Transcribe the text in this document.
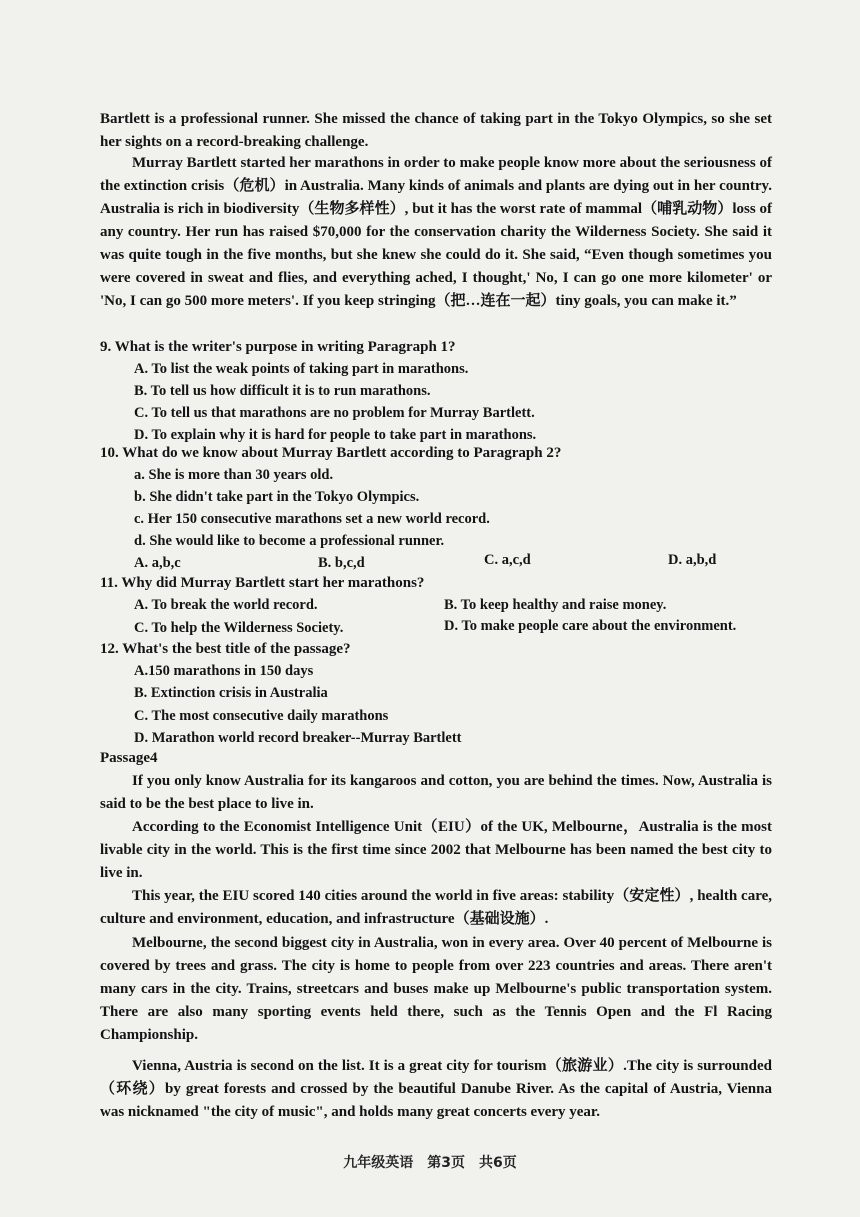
Bartlett is a professional runner. She missed the chance of taking part in the Tokyo Olympics, so she set her sights on a record-breaking challenge.

Murray Bartlett started her marathons in order to make people know more about the seriousness of the extinction crisis（危机）in Australia. Many kinds of animals and plants are dying out in her country. Australia is rich in biodiversity（生物多样性）, but it has the worst rate of mammal（哺乳动物）loss of any country. Her run has raised $70,000 for the conservation charity the Wilderness Society. She said it was quite tough in the five months, but she knew she could do it. She said, “Even though sometimes you were covered in sweat and flies, and everything ached, I thought,' No, I can go one more kilometer' or 'No, I can go 500 more meters'. If you keep stringing（把…连在一起）tiny goals, you can make it.”

9. What is the writer's purpose in writing Paragraph 1?

A. To list the weak points of taking part in marathons.

B. To tell us how difficult it is to run marathons.

C. To tell us that marathons are no problem for Murray Bartlett.

D. To explain why it is hard for people to take part in marathons.

10. What do we know about Murray Bartlett according to Paragraph 2?

a. She is more than 30 years old.

b. She didn't take part in the Tokyo Olympics.

c. Her 150 consecutive marathons set a new world record.

d. She would like to become a professional runner.

A. a,b,c	B. b,c,d	C. a,c,d	D. a,b,d

11. Why did Murray Bartlett start her marathons?

A. To break the world record.	B. To keep healthy and raise money.

C. To help the Wilderness Society.	D. To make people care about the environment.

12. What's the best title of the passage?

A.150 marathons in 150 days

B. Extinction crisis in Australia

C. The most consecutive daily marathons

D. Marathon world record breaker--Murray Bartlett

Passage4

If you only know Australia for its kangaroos and cotton, you are behind the times. Now, Australia is said to be the best place to live in.

According to the Economist Intelligence Unit（EIU）of the UK, Melbourne，Australia is the most livable city in the world. This is the first time since 2002 that Melbourne has been named the best city to live in.

This year, the EIU scored 140 cities around the world in five areas: stability（安定性）, health care, culture and environment, education, and infrastructure（基础设施）.

Melbourne, the second biggest city in Australia, won in every area. Over 40 percent of Melbourne is covered by trees and grass. The city is home to people from over 223 countries and areas. There aren't many cars in the city. Trains, streetcars and buses make up Melbourne's public transportation system. There are also many sporting events held there, such as the Tennis Open and the Fl Racing Championship.

Vienna, Austria is second on the list. It is a great city for tourism（旅游业）.The city is surrounded（环绕）by great forests and crossed by the beautiful Danube River. As the capital of Austria, Vienna was nicknamed "the city of music", and holds many great concerts every year.

九年级英语　第3页　共6页
